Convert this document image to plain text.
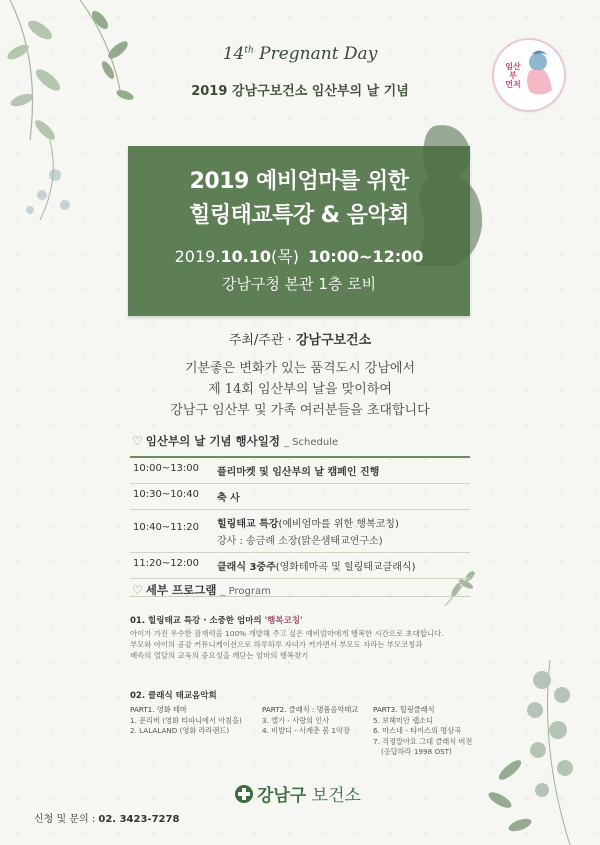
14th Pregnant Day
2019 강남구보건소 임산부의 날 기념
임산부
먼저
2019 예비엄마를 위한
힐링태교특강 & 음악회
2019.10.10(목) 10:00~12:00
강남구청 본관 1층 로비
주최/주관 · 강남구보건소
기분좋은 변화가 있는 품격도시 강남에서
제 14회 임산부의 날을 맞이하여
강남구 임산부 및 가족 여러분들을 초대합니다
♡ 임산부의 날 기념 행사일정 _ Schedule
10:00~13:00	플리마켓 및 임산부의 날 캠페인 진행
10:30~10:40	축 사
10:40~11:20	힐링태교 특강(예비엄마를 위한 행복코칭)
강사 : 송금례 소장(맑은샘태교연구소)

11:20~12:00	클래식 3중주(영화테마곡 및 힐링태교클래식)
♡ 세부 프로그램 _ Program
01. 힐링태교 특강 · 소중한 엄마의 '행복코칭'
아이가 가진 우수한 잠재력을 100% 개발해 주고 싶은 예비엄마에게 행복한 시간으로 초대합니다.
부모와 아이의 공감 커뮤니케이션으로 하루하루 자녀가 커가면서 부모도 자라는 부모코칭과
배속의 열달의 교육의 중요성을 깨닫는 엄마의 행복찾기
02. 클래식 태교음악회
PART1. 영화 테마
1. 문리버 (영화 티파니에서 아침을)
2. LALALAND (영화 라라랜드)
PART2. 클래식 : 명품음악태교
3. 엘가 - 사랑의 인사
4. 비발디 - 사계춘 봄 1악장
PART3. 힐링클래식
5. 보헤미안 랩소디
6. 마스네 - 타이스의 명상곡
7. 걱정말아요 그대 클래식 버전
(응답하라 1998 OST)
강남구 보건소
신청 및 문의 : 02. 3423-7278
